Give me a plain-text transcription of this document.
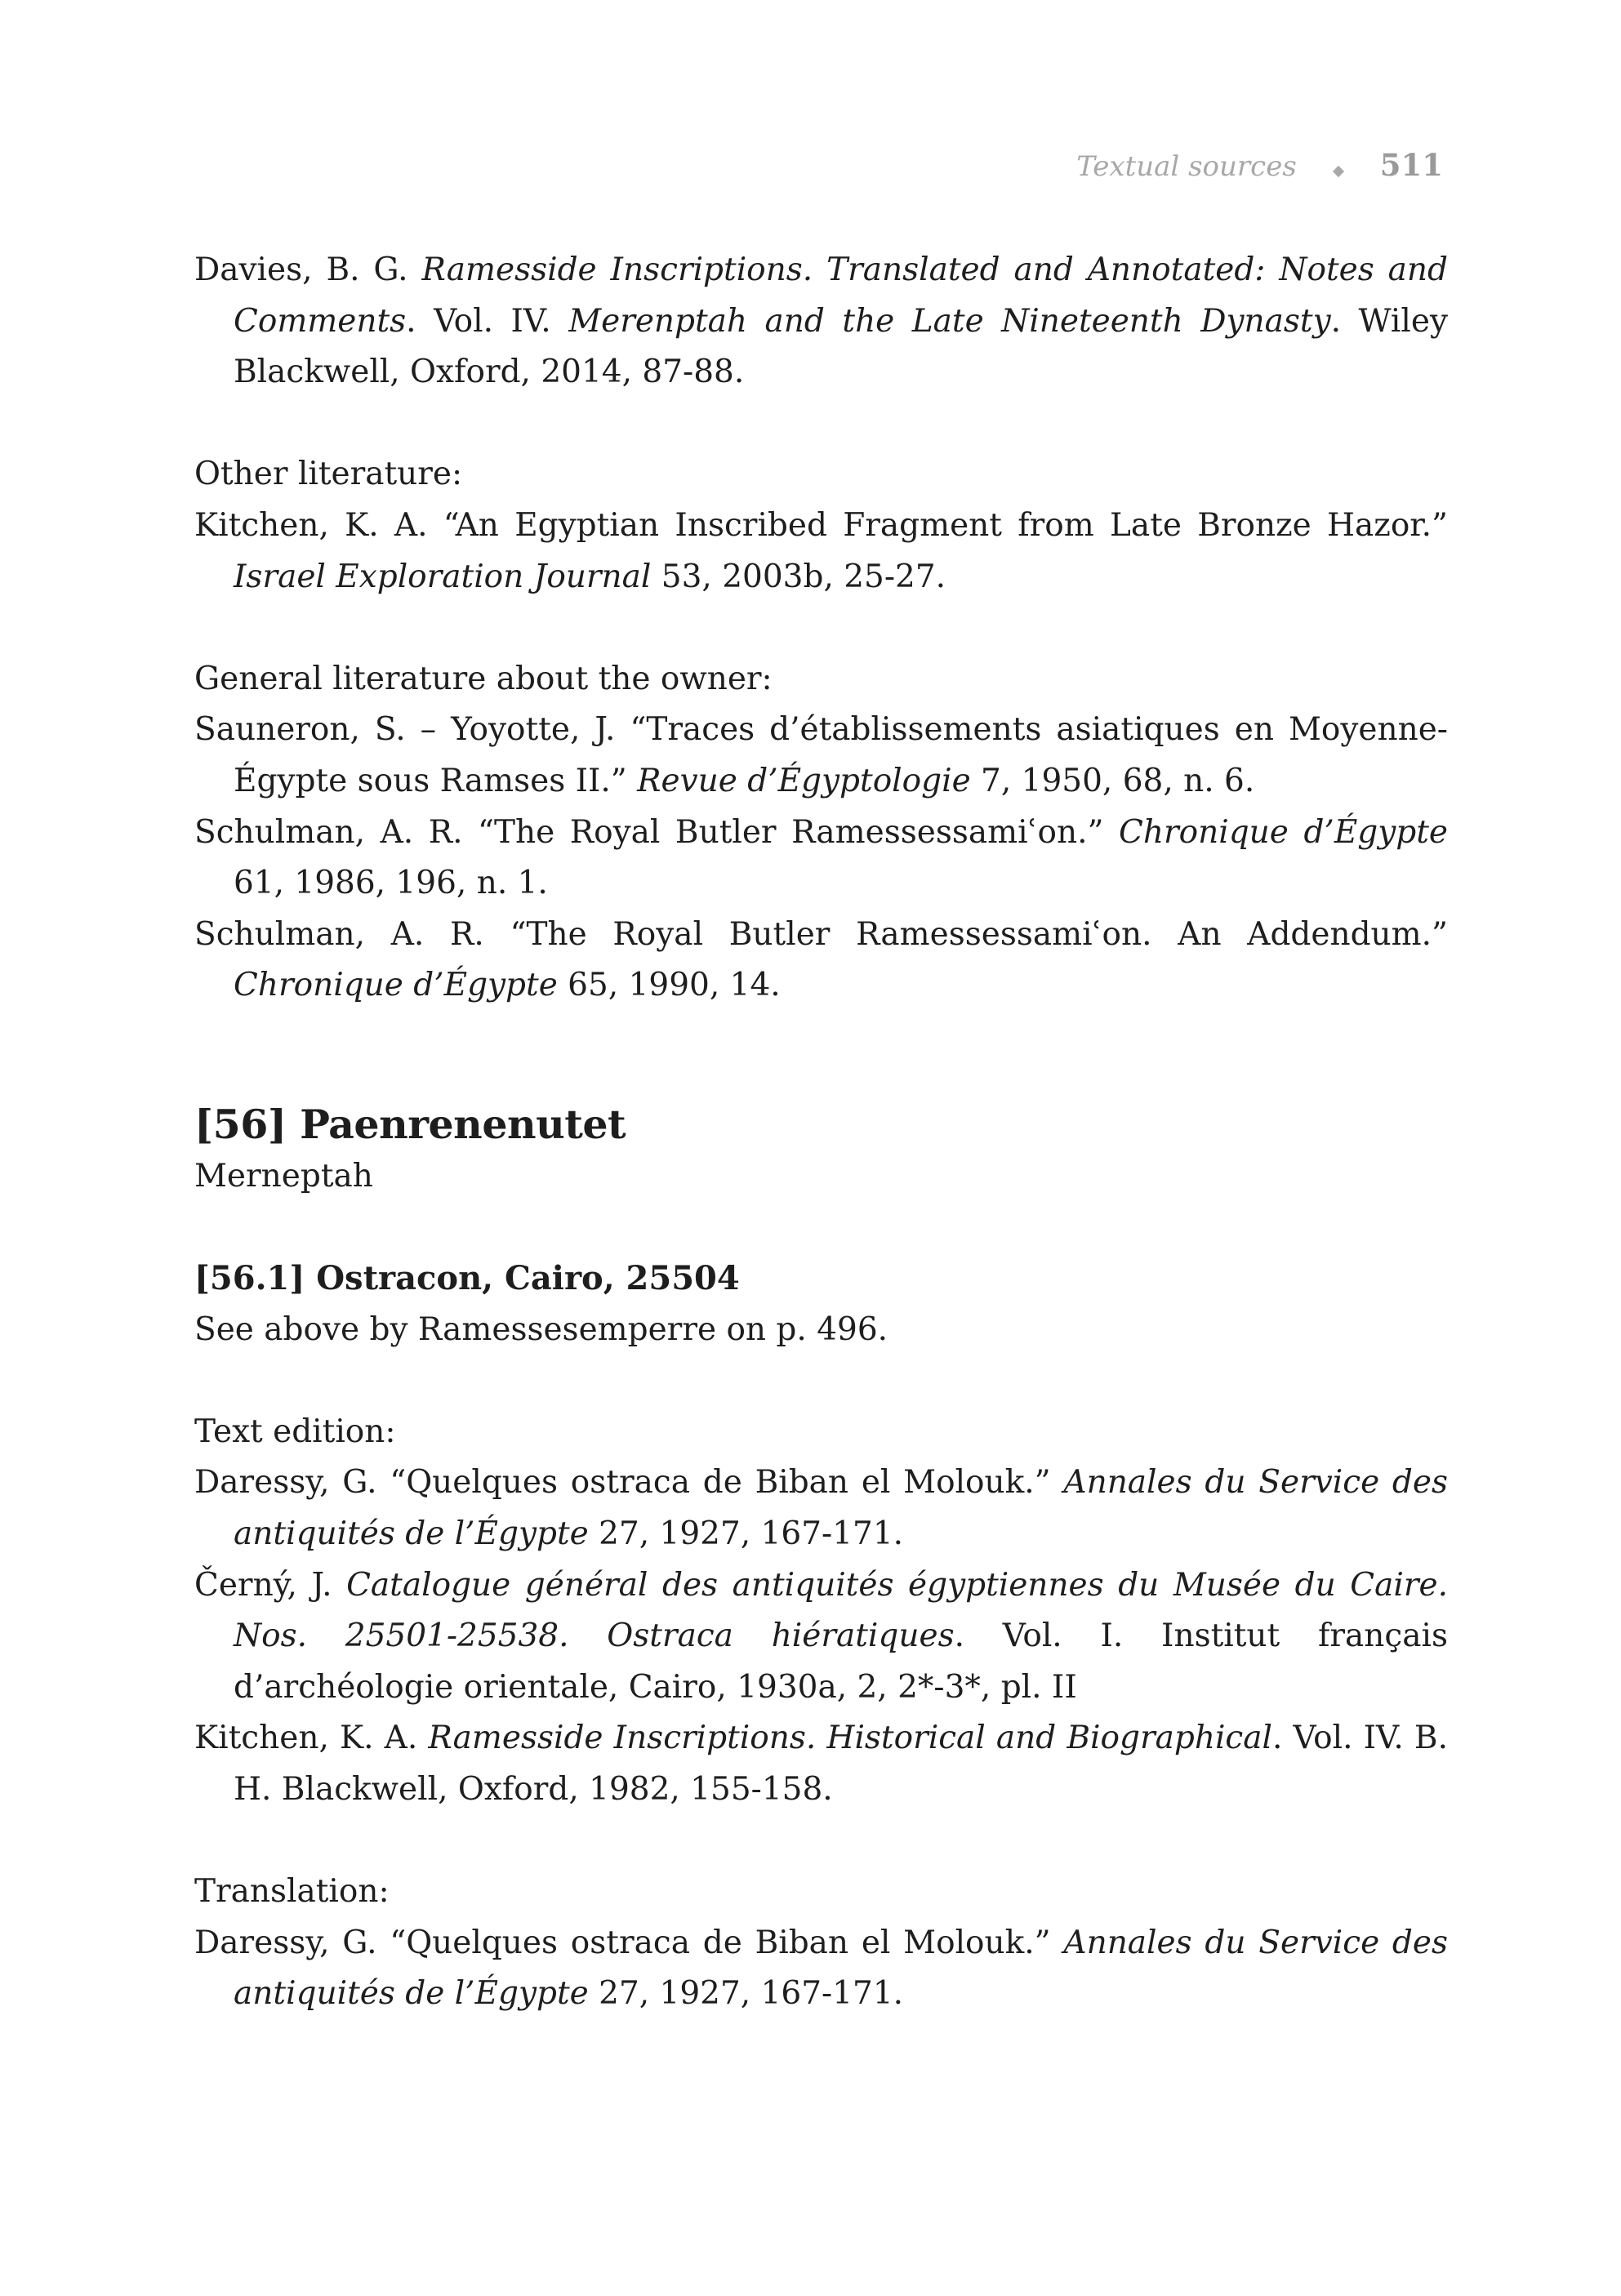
Textual sources	511
Davies, B. G. Ramesside Inscriptions. Translated and Annotated: Notes and Comments. Vol. IV. Merenptah and the Late Nineteenth Dynasty. Wiley Blackwell, Oxford, 2014, 87-88.
Other literature:
Kitchen, K. A. “An Egyptian Inscribed Fragment from Late Bronze Hazor.” Israel Exploration Journal 53, 2003b, 25-27.
General literature about the owner:
Sauneron, S. – Yoyotte, J. “Traces d’établissements asiatiques en Moyenne-Égypte sous Ramses II.” Revue d’Égyptologie 7, 1950, 68, n. 6.
Schulman, A. R. “The Royal Butler Ramessessamiʿon.” Chronique d’Égypte 61, 1986, 196, n. 1.
Schulman, A. R. “The Royal Butler Ramessessamiʿon. An Addendum.” Chronique d’Égypte 65, 1990, 14.
[56] Paenrenenutet
Merneptah
[56.1] Ostracon, Cairo, 25504
See above by Ramessesemperre on p. 496.
Text edition:
Daressy, G. “Quelques ostraca de Biban el Molouk.” Annales du Service des antiquités de l’Égypte 27, 1927, 167-171.
Černý, J. Catalogue général des antiquités égyptiennes du Musée du Caire. Nos. 25501-25538. Ostraca hiératiques. Vol. I. Institut français d’archéologie orientale, Cairo, 1930a, 2, 2*-3*, pl. II
Kitchen, K. A. Ramesside Inscriptions. Historical and Biographical. Vol. IV. B. H. Blackwell, Oxford, 1982, 155-158.
Translation:
Daressy, G. “Quelques ostraca de Biban el Molouk.” Annales du Service des antiquités de l’Égypte 27, 1927, 167-171.
